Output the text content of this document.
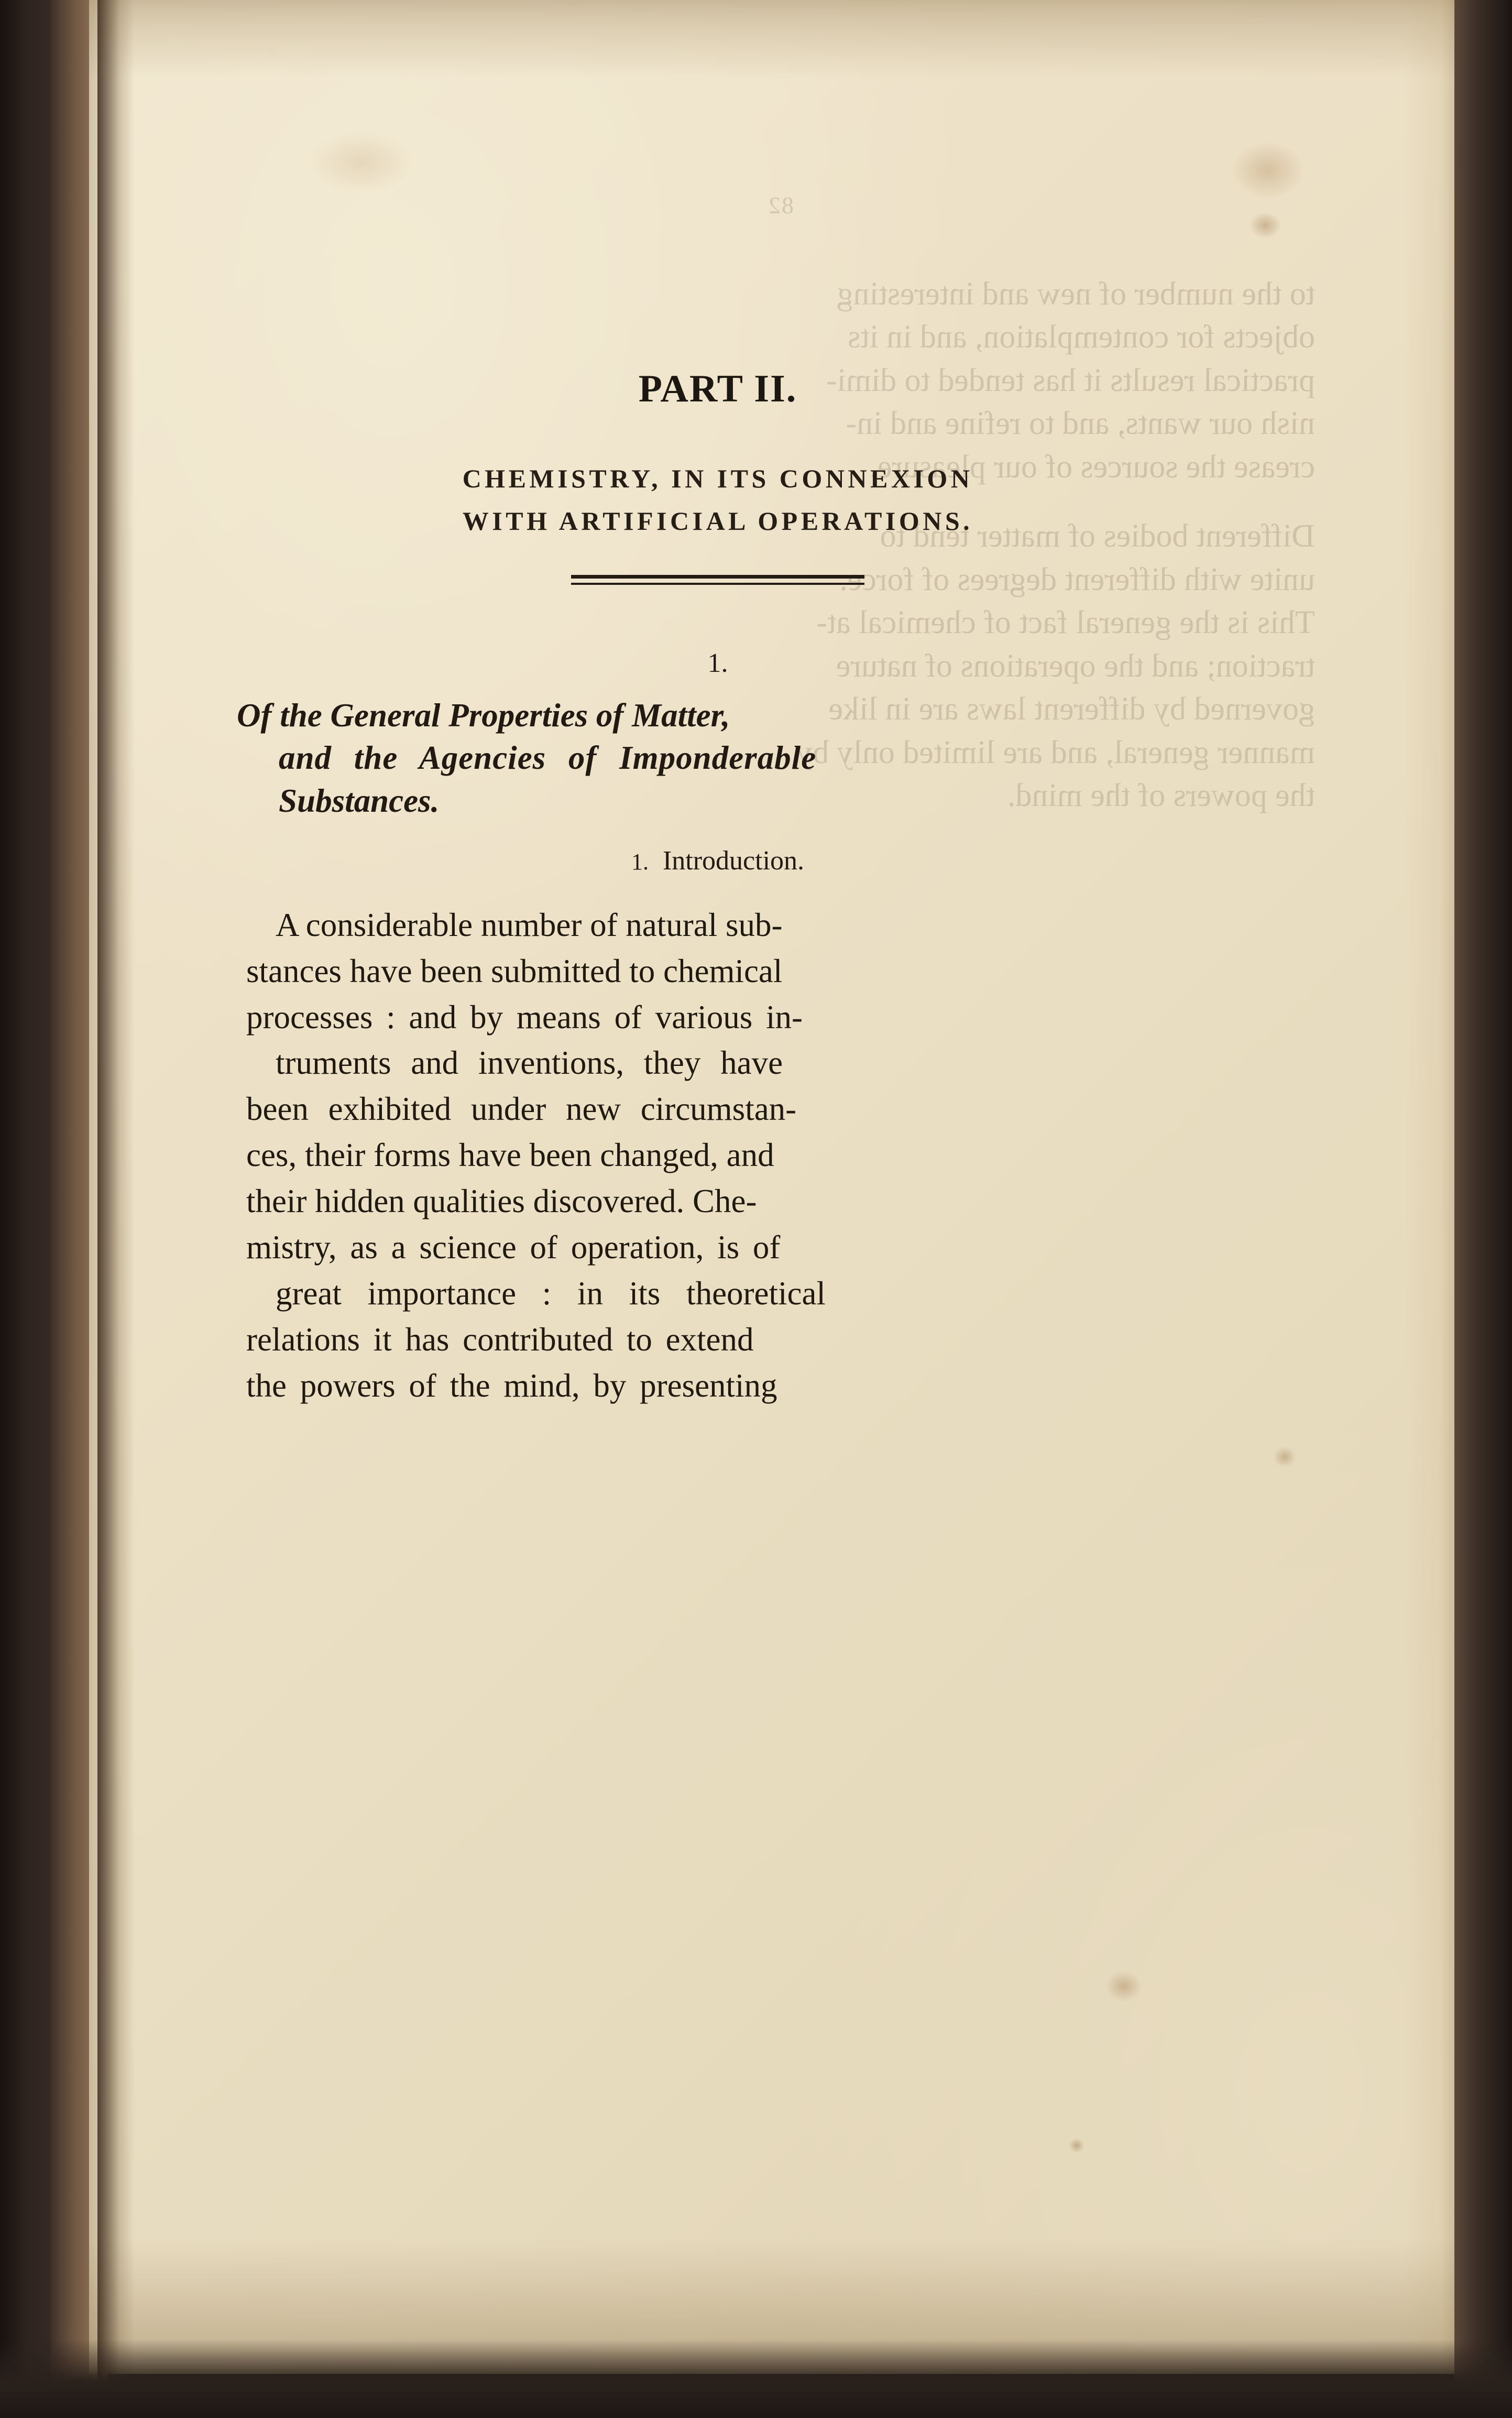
82
to the number of new and interesting
objects for contemplation, and in its
practical results it has tended to dimi-
nish our wants, and to refine and in-
crease the sources of our pleasure.
Different bodies of matter tend to
unite with different degrees of force.
This is the general fact of chemical at-
traction; and the operations of nature
governed by different laws are in like
manner general, and are limited only by
the powers of the mind.
PART II.
CHEMISTRY, IN ITS CONNEXION
WITH ARTIFICIAL OPERATIONS.
1.
Of the General Properties of Matter,
and the Agencies of Imponderable
Substances.
1. Introduction.

A considerable number of natural sub-
stances have been submitted to chemical
processes : and by means of various in-
truments and inventions, they have
been exhibited under new circumstan-
ces, their forms have been changed, and
their hidden qualities discovered. Che-
mistry, as a science of operation, is of
great importance : in its theoretical
relations it has contributed to extend
the powers of the mind, by presenting
